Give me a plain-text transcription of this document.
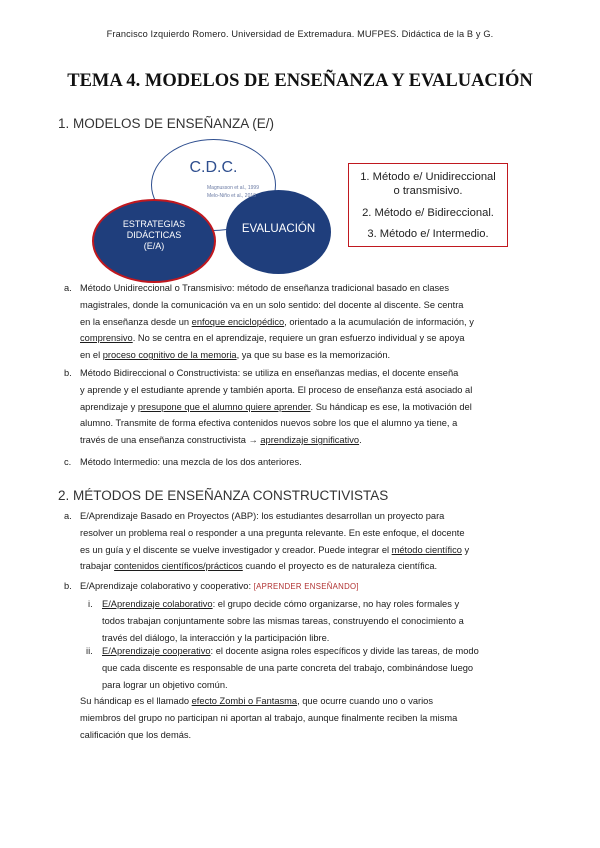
Francisco Izquierdo Romero. Universidad de Extremadura. MUFPES. Didáctica de la B y G.
TEMA 4. MODELOS DE ENSEÑANZA Y EVALUACIÓN
1. MODELOS DE ENSEÑANZA (E/)
C.D.C.
Magnusson et al., 1999
Melo-Niño et al., 2016
ESTRATEGIAS
DIDÁCTICAS
(E/A)
EVALUACIÓN
1. Método e/ Unidireccional
o transmisivo.
2. Método e/ Bidireccional.
3. Método e/ Intermedio.
a. Método Unidireccional o Transmisivo: método de enseñanza tradicional basado en clases
magistrales, donde la comunicación va en un solo sentido: del docente al discente. Se centra
en la enseñanza desde un enfoque enciclopédico, orientado a la acumulación de información, y
comprensivo. No se centra en el aprendizaje, requiere un gran esfuerzo individual y se apoya
en el proceso cognitivo de la memoria, ya que su base es la memorización.
b. Método Bidireccional o Constructivista: se utiliza en enseñanzas medias, el docente enseña
y aprende y el estudiante aprende y también aporta. El proceso de enseñanza está asociado al
aprendizaje y presupone que el alumno quiere aprender. Su hándicap es ese, la motivación del
alumno. Transmite de forma efectiva contenidos nuevos sobre los que el alumno ya tiene, a
través de una enseñanza constructivista → aprendizaje significativo.
c. Método Intermedio: una mezcla de los dos anteriores.
2. MÉTODOS DE ENSEÑANZA CONSTRUCTIVISTAS
a. E/Aprendizaje Basado en Proyectos (ABP): los estudiantes desarrollan un proyecto para
resolver un problema real o responder a una pregunta relevante. En este enfoque, el docente
es un guía y el discente se vuelve investigador y creador. Puede integrar el método científico y
trabajar contenidos científicos/prácticos cuando el proyecto es de naturaleza científica.
b. E/Aprendizaje colaborativo y cooperativo: [APRENDER ENSEÑANDO]
i. E/Aprendizaje colaborativo: el grupo decide cómo organizarse, no hay roles formales y
todos trabajan conjuntamente sobre las mismas tareas, construyendo el conocimiento a
través del diálogo, la interacción y la participación libre.
ii. E/Aprendizaje cooperativo: el docente asigna roles específicos y divide las tareas, de modo
que cada discente es responsable de una parte concreta del trabajo, combinándose luego
para lograr un objetivo común.
Su hándicap es el llamado efecto Zombi o Fantasma, que ocurre cuando uno o varios
miembros del grupo no participan ni aportan al trabajo, aunque finalmente reciben la misma
calificación que los demás.
